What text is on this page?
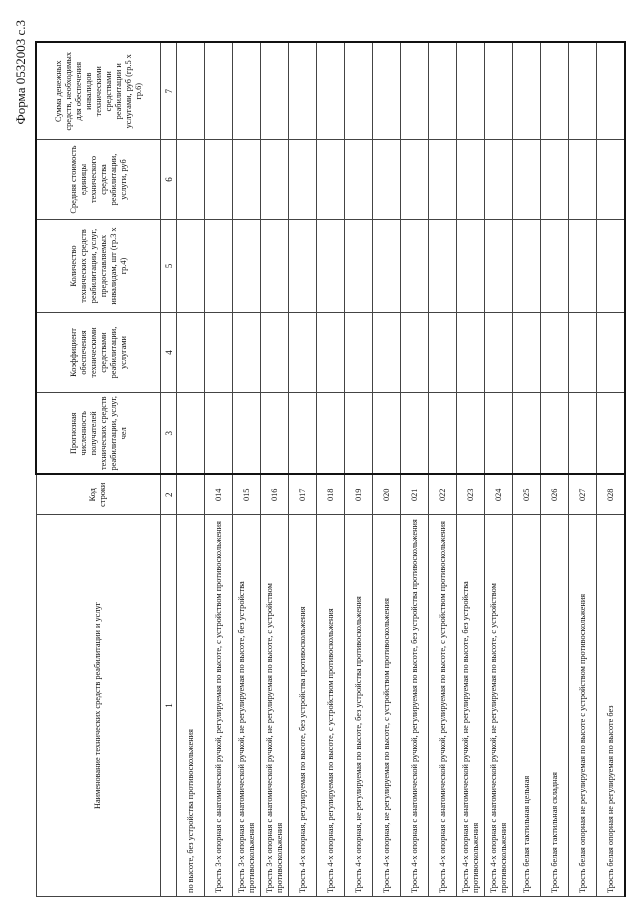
Форма 0532003 с.3
Наименование технических средств реабилитации и услуг	Код строки	Прогнозная численность получателей технических средств реабилитации, услуг, чел	Коэффициент обеспечения техническими средствами реабилитации, услугами	Количество технических средств реабилитации, услуг, предоставляемых инвалидам, шт (гр.3 х гр.4)	Средняя стоимость единицы технического средства реабилитации, услуги, руб	Сумма денежных средств, необходимых для обеспечения инвалидов техническими средствами реабилитации и услугами, руб (гр.5 х гр.6)
1	2	3	4	5	6	7
по высоте, без устройства противоскольжения						
Трость 3-х опорная с анатомической ручкой, регулируемая по высоте, с устройством противоскольжения	014					
Трость 3-х опорная с анатомической ручкой, не регулируемая по высоте, без устройства противоскольжения	015					
Трость 3-х опорная с анатомической ручкой, не регулируемая по высоте, с устройством противоскольжения	016					
Трость 4-х опорная, регулируемая по высоте, без устройства противоскольжения	017					
Трость 4-х опорная, регулируемая по высоте, с устройством противоскольжения	018					
Трость 4-х опорная, не регулируемая по высоте, без устройства противоскольжения	019					
Трость 4-х опорная, не регулируемая по высоте, с устройством противоскольжения	020					
Трость 4-х опорная с анатомической ручкой, регулируемая по высоте, без устройства противоскольжения	021					
Трость 4-х опорная с анатомической ручкой, регулируемая по высоте, с устройством противоскольжения	022					
Трость 4-х опорная с анатомической ручкой, не регулируемая по высоте, без устройства противоскольжения	023					
Трость 4-х опорная с анатомической ручкой, не регулируемая по высоте, с устройством противоскольжения	024					
Трость белая тактильная цельная	025					
Трость белая тактильная складная	026					
Трость белая опорная не регулируемая по высоте с устройством противоскольжения	027					
Трость белая опорная не регулируемая по высоте без	028					
